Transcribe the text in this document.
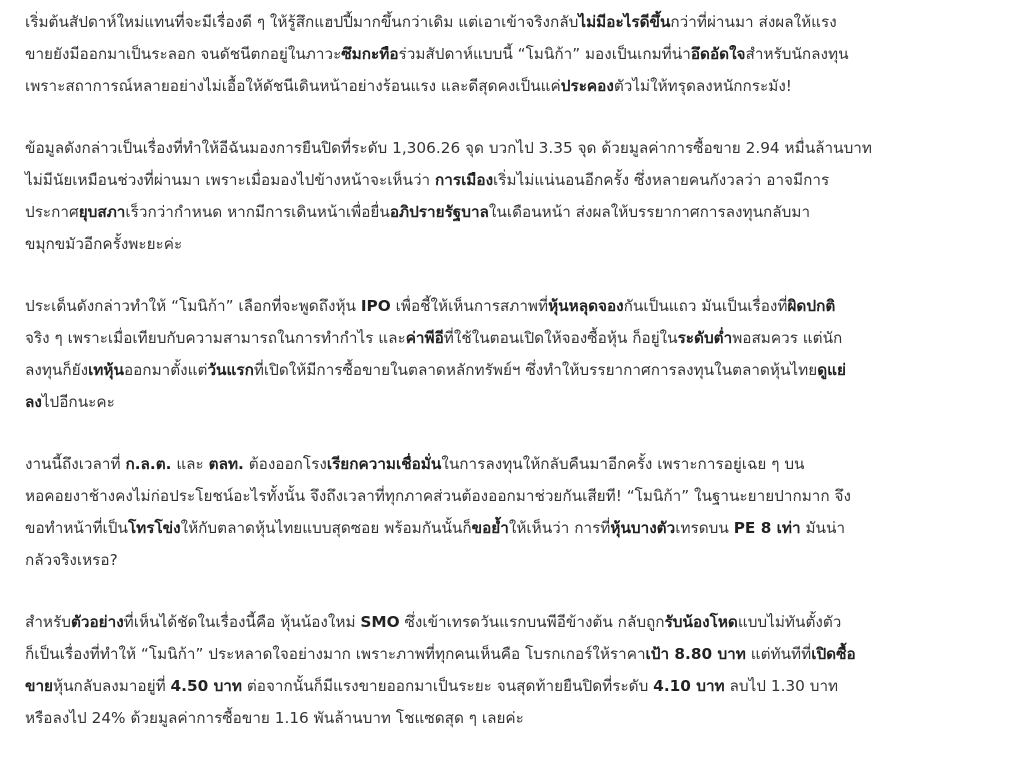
เริ่มต้นสัปดาห์ใหม่แทนที่จะมีเรื่องดี ๆ ให้รู้สึกแฮปปี้มากขึ้นกว่าเดิม แต่เอาเข้าจริงกลับไม่มีอะไรดีขึ้นกว่าที่ผ่านมา ส่งผลให้แรง
ขายยังมีออกมาเป็นระลอก จนดัชนีตกอยู่ในภาวะซึมกะทือร่วมสัปดาห์แบบนี้ “โมนิก้า” มองเป็นเกมที่น่าอึดอัดใจสำหรับนักลงทุน
เพราะสถาการณ์หลายอย่างไม่เอื้อให้ดัชนีเดินหน้าอย่างร้อนแรง และดีสุดคงเป็นแค่ประคองตัวไม่ให้ทรุดลงหนักกระมัง!

ข้อมูลดังกล่าวเป็นเรื่องที่ทำให้อีฉันมองการยืนปิดที่ระดับ 1,306.26 จุด บวกไป 3.35 จุด ด้วยมูลค่าการซื้อขาย 2.94 หมื่นล้านบาท
ไม่มีนัยเหมือนช่วงที่ผ่านมา เพราะเมื่อมองไปข้างหน้าจะเห็นว่า การเมืองเริ่มไม่แน่นอนอีกครั้ง ซึ่งหลายคนกังวลว่า อาจมีการ
ประกาศยุบสภาเร็วกว่ากำหนด หากมีการเดินหน้าเพื่อยื่นอภิปรายรัฐบาลในเดือนหน้า ส่งผลให้บรรยากาศการลงทุนกลับมา
ขมุกขมัวอีกครั้งพะยะค่ะ

ประเด็นดังกล่าวทำให้ “โมนิก้า” เลือกที่จะพูดถึงหุ้น IPO เพื่อชี้ให้เห็นการสภาพที่หุ้นหลุดจองกันเป็นแถว มันเป็นเรื่องที่ผิดปกติ
จริง ๆ เพราะเมื่อเทียบกับความสามารถในการทำกำไร และค่าพีอีที่ใช้ในตอนเปิดให้จองซื้อหุ้น ก็อยู่ในระดับต่ำพอสมควร แต่นัก
ลงทุนก็ยังเทหุ้นออกมาตั้งแต่วันแรกที่เปิดให้มีการซื้อขายในตลาดหลักทรัพย์ฯ ซึ่งทำให้บรรยากาศการลงทุนในตลาดหุ้นไทยดูแย่
ลงไปอีกนะคะ

งานนี้ถึงเวลาที่ ก.ล.ต. และ ตลท. ต้องออกโรงเรียกความเชื่อมั่นในการลงทุนให้กลับคืนมาอีกครั้ง เพราะการอยู่เฉย ๆ บน
หอคอยงาช้างคงไม่ก่อประโยชน์อะไรทั้งนั้น จึงถึงเวลาที่ทุกภาคส่วนต้องออกมาช่วยกันเสียที! “โมนิก้า” ในฐานะยายปากมาก จึง
ขอทำหน้าที่เป็นโทรโข่งให้กับตลาดหุ้นไทยแบบสุดซอย พร้อมกันนั้นก็ขอย้ำให้เห็นว่า การที่หุ้นบางตัวเทรดบน PE 8 เท่า มันน่า
กลัวจริงเหรอ?

สำหรับตัวอย่างที่เห็นได้ชัดในเรื่องนี้คือ หุ้นน้องใหม่ SMO ซึ่งเข้าเทรดวันแรกบนพีอีข้างต้น กลับถูกรับน้องโหดแบบไม่ทันตั้งตัว
ก็เป็นเรื่องที่ทำให้ “โมนิก้า” ประหลาดใจอย่างมาก เพราะภาพที่ทุกคนเห็นคือ โบรกเกอร์ให้ราคาเป้า 8.80 บาท แต่ทันทีที่เปิดซื้อ
ขายหุ้นกลับลงมาอยู่ที่ 4.50 บาท ต่อจากนั้นก็มีแรงขายออกมาเป็นระยะ จนสุดท้ายยืนปิดที่ระดับ 4.10 บาท ลบไป 1.30 บาท
หรือลงไป 24% ด้วยมูลค่าการซื้อขาย 1.16 พันล้านบาท โชแซดสุด ๆ เลยค่ะ
